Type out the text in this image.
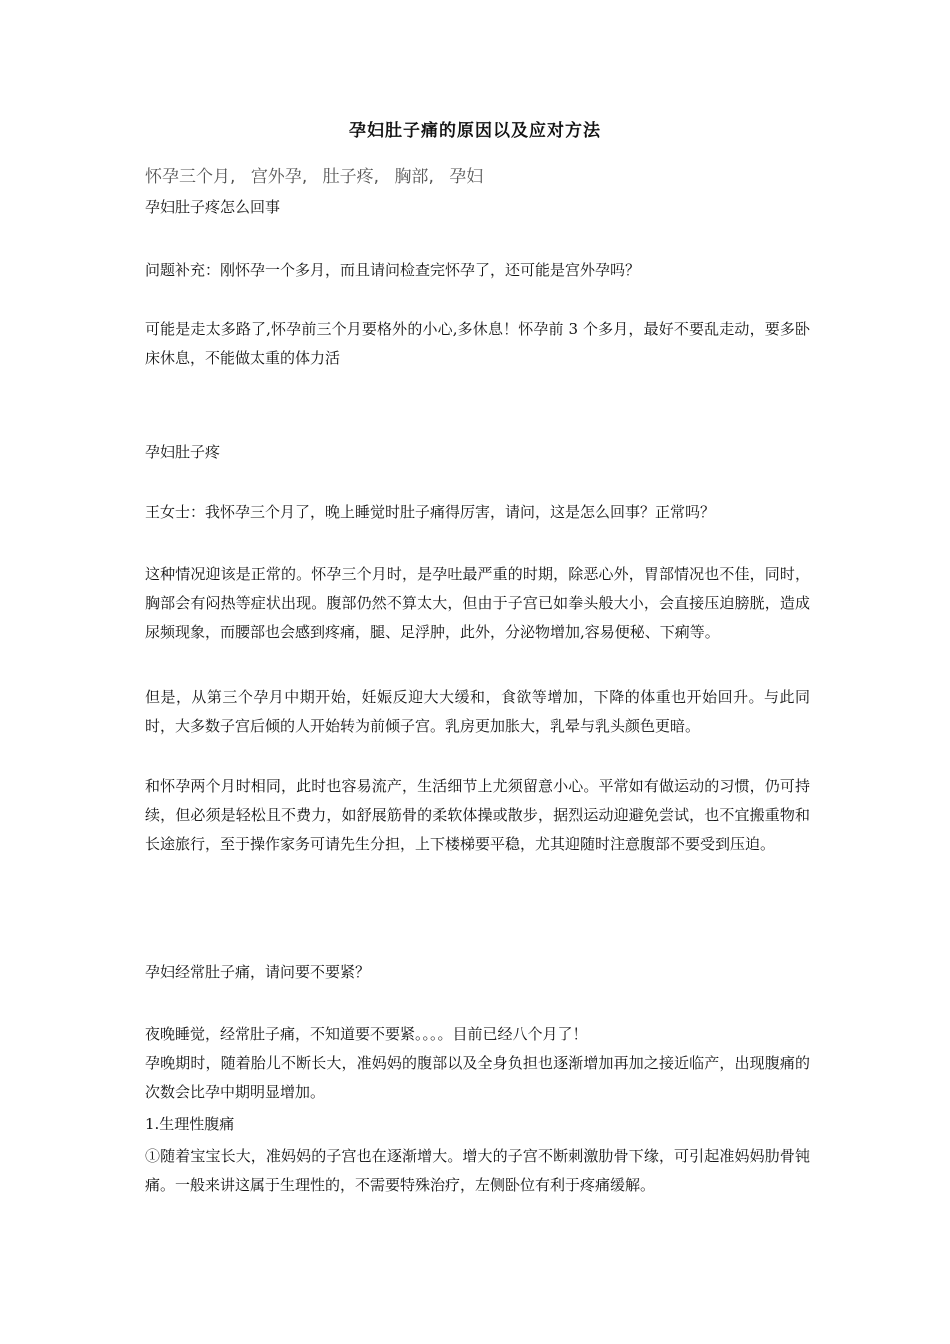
孕妇肚子痛的原因以及应对方法
怀孕三个月, 宫外孕, 肚子疼, 胸部, 孕妇
孕妇肚子疼怎么回事
问题补充：刚怀孕一个多月，而且请问检查完怀孕了，还可能是宫外孕吗？
可能是走太多路了,怀孕前三个月要格外的小心,多休息！怀孕前 3 个多月，最好不要乱走动，要多卧床休息，不能做太重的体力活
孕妇肚子疼
王女士：我怀孕三个月了，晚上睡觉时肚子痛得厉害，请问，这是怎么回事？正常吗？
这种情况迎该是正常的。怀孕三个月时，是孕吐最严重的时期，除恶心外，胃部情况也不佳，同时，胸部会有闷热等症状出现。腹部仍然不算太大，但由于子宫已如拳头般大小，会直接压迫膀胱，造成尿频现象，而腰部也会感到疼痛，腿、足浮肿，此外，分泌物增加,容易便秘、下痢等。
但是，从第三个孕月中期开始，妊娠反迎大大缓和，食欲等增加，下降的体重也开始回升。与此同时，大多数子宫后倾的人开始转为前倾子宫。乳房更加胀大，乳晕与乳头颜色更暗。
和怀孕两个月时相同，此时也容易流产，生活细节上尤须留意小心。平常如有做运动的习惯，仍可持续，但必须是轻松且不费力，如舒展筋骨的柔软体操或散步，据烈运动迎避免尝试，也不宜搬重物和长途旅行，至于操作家务可请先生分担，上下楼梯要平稳，尤其迎随时注意腹部不要受到压迫。
孕妇经常肚子痛，请问要不要紧？
夜晚睡觉，经常肚子痛，不知道要不要紧。。。。目前已经八个月了！
孕晚期时，随着胎儿不断长大，准妈妈的腹部以及全身负担也逐渐增加再加之接近临产，出现腹痛的次数会比孕中期明显增加。
1.生理性腹痛
①随着宝宝长大，准妈妈的子宫也在逐渐增大。增大的子宫不断刺激肋骨下缘，可引起准妈妈肋骨钝痛。一般来讲这属于生理性的，不需要特殊治疗，左侧卧位有利于疼痛缓解。
